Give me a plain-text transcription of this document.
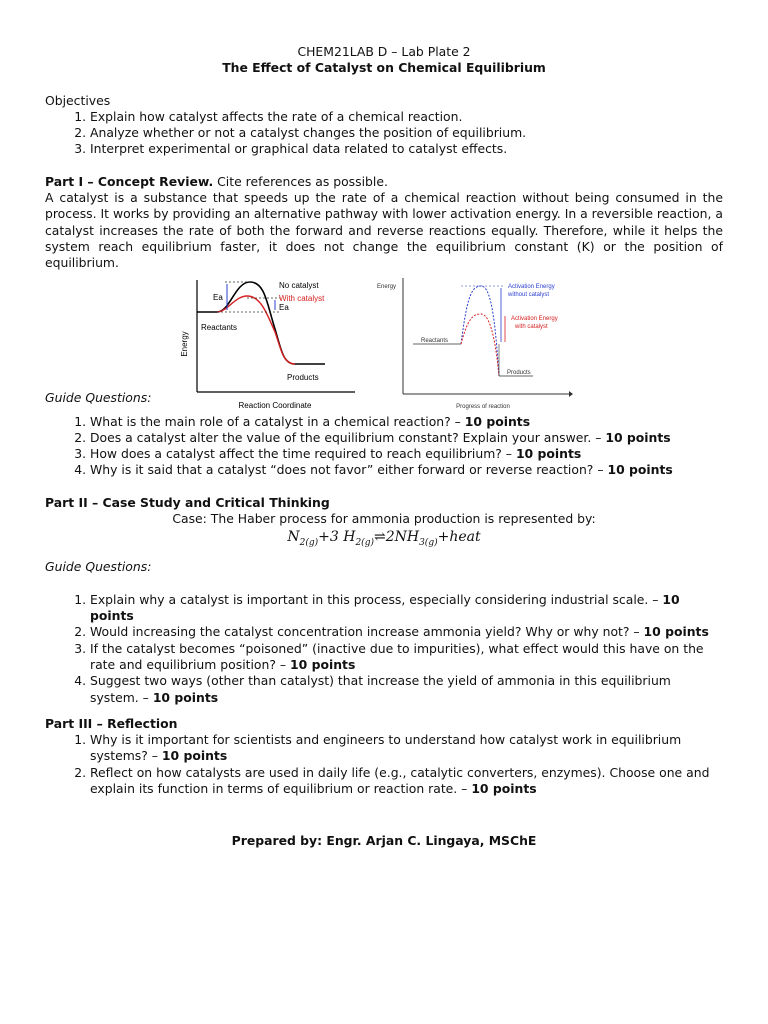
CHEM21LAB D – Lab Plate 2
The Effect of Catalyst on Chemical Equilibrium
Objectives
1. Explain how catalyst affects the rate of a chemical reaction.
2. Analyze whether or not a catalyst changes the position of equilibrium.
3. Interpret experimental or graphical data related to catalyst effects.
Part I – Concept Review. Cite references as possible.

A catalyst is a substance that speeds up the rate of a chemical reaction without being consumed in the process. It works by providing an alternative pathway with lower activation energy. In a reversible reaction, a catalyst increases the rate of both the forward and reverse reactions equally. Therefore, while it helps the system reach equilibrium faster, it does not change the equilibrium constant (K) or the position of equilibrium.

Energy
Reaction Coordinate
Ea
Ea
No catalyst
With catalyst
Reactants
Products
Energy
Progress of reaction
Activation Energy
without catalyst
Activation Energy
with catalyst
Reactants
Products
Guide Questions:
1. What is the main role of a catalyst in a chemical reaction? – 10 points
2. Does a catalyst alter the value of the equilibrium constant? Explain your answer. – 10 points
3. How does a catalyst affect the time required to reach equilibrium? – 10 points
4. Why is it said that a catalyst “does not favor” either forward or reverse reaction? – 10 points
Part II – Case Study and Critical Thinking
Case: The Haber process for ammonia production is represented by:
$N_{2(g)}+3$ $H_{2(g)}\rightleftharpoons 2NH_{3(g)}+heat$
Guide Questions:
1. Explain why a catalyst is important in this process, especially considering industrial scale. – 10 points
2. Would increasing the catalyst concentration increase ammonia yield? Why or why not? – 10 points
3. If the catalyst becomes “poisoned” (inactive due to impurities), what effect would this have on the rate and equilibrium position? – 10 points
4. Suggest two ways (other than catalyst) that increase the yield of ammonia in this equilibrium system. – 10 points
Part III – Reflection
1. Why is it important for scientists and engineers to understand how catalyst work in equilibrium systems? – 10 points
2. Reflect on how catalysts are used in daily life (e.g., catalytic converters, enzymes). Choose one and explain its function in terms of equilibrium or reaction rate. – 10 points
Prepared by: Engr. Arjan C. Lingaya, MSChE
